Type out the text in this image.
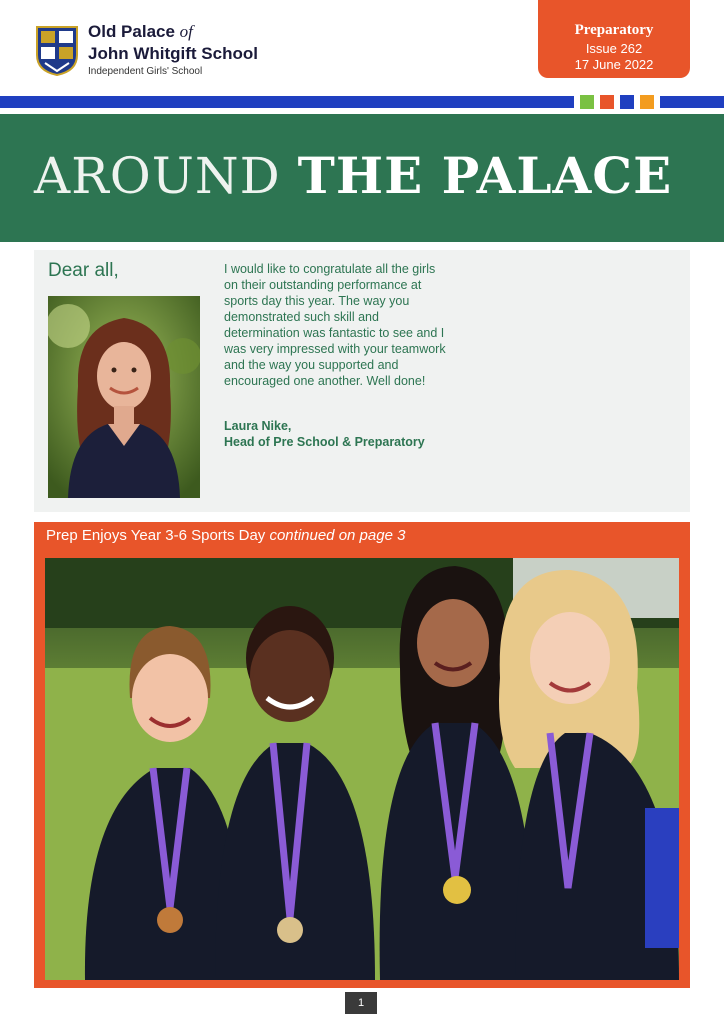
Old Palace of
John Whitgift School
Independent Girls' School
Preparatory
Issue 262
17 June 2022
AROUND THE PALACE
Dear all,	I would like to congratulate all the girls on their outstanding performance at sports day this year. The way you demonstrated such skill and determination was fantastic to see and I was very impressed with your teamwork and the way you supported and encouraged one another. Well done!
Laura Nike,
Head of Pre School & Preparatory
Prep Enjoys Year 3-6 Sports Day continued on page 3
1
